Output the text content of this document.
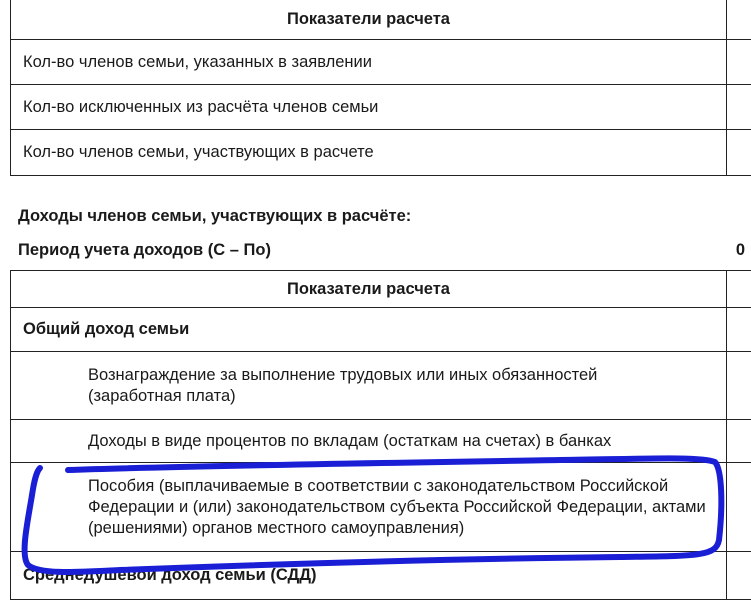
Показатели расчета
Кол-во членов семьи, указанных в заявлении
Кол-во исключенных из расчёта членов семьи
Кол-во членов семьи, участвующих в расчете
Доходы членов семьи, участвующих в расчёте:
Период учета доходов (С – По)	0
Показатели расчета
Общий доход семьи
Вознаграждение за выполнение трудовых или иных обязанностей (заработная плата)
Доходы в виде процентов по вкладам (остаткам на счетах) в банках
Пособия (выплачиваемые в соответствии с законодательством Российской Федерации и (или) законодательством субъекта Российской Федерации, актами (решениями) органов местного самоуправления)
Среднедушевой доход семьи (СДД)
